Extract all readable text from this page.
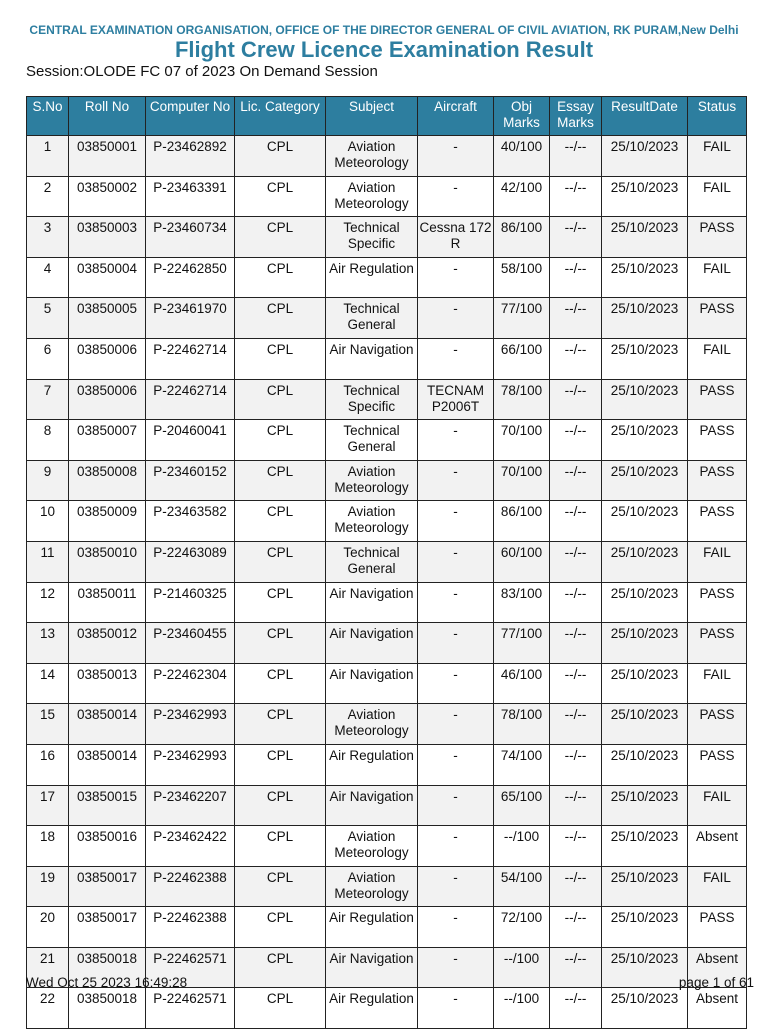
CENTRAL EXAMINATION ORGANISATION, OFFICE OF THE DIRECTOR GENERAL OF CIVIL AVIATION, RK PURAM,New Delhi
Flight Crew Licence Examination Result
Session:OLODE FC 07 of 2023 On Demand Session
S.No	Roll No	Computer No	Lic. Category	Subject	Aircraft	Obj Marks	Essay Marks	ResultDate	Status
1	03850001	P-23462892	CPL	Aviation Meteorology	-	40/100	--/--	25/10/2023	FAIL
2	03850002	P-23463391	CPL	Aviation Meteorology	-	42/100	--/--	25/10/2023	FAIL
3	03850003	P-23460734	CPL	Technical Specific	Cessna 172 R	86/100	--/--	25/10/2023	PASS
4	03850004	P-22462850	CPL	Air Regulation	-	58/100	--/--	25/10/2023	FAIL
5	03850005	P-23461970	CPL	Technical General	-	77/100	--/--	25/10/2023	PASS
6	03850006	P-22462714	CPL	Air Navigation	-	66/100	--/--	25/10/2023	FAIL
7	03850006	P-22462714	CPL	Technical Specific	TECNAM P2006T	78/100	--/--	25/10/2023	PASS
8	03850007	P-20460041	CPL	Technical General	-	70/100	--/--	25/10/2023	PASS
9	03850008	P-23460152	CPL	Aviation Meteorology	-	70/100	--/--	25/10/2023	PASS
10	03850009	P-23463582	CPL	Aviation Meteorology	-	86/100	--/--	25/10/2023	PASS
11	03850010	P-22463089	CPL	Technical General	-	60/100	--/--	25/10/2023	FAIL
12	03850011	P-21460325	CPL	Air Navigation	-	83/100	--/--	25/10/2023	PASS
13	03850012	P-23460455	CPL	Air Navigation	-	77/100	--/--	25/10/2023	PASS
14	03850013	P-22462304	CPL	Air Navigation	-	46/100	--/--	25/10/2023	FAIL
15	03850014	P-23462993	CPL	Aviation Meteorology	-	78/100	--/--	25/10/2023	PASS
16	03850014	P-23462993	CPL	Air Regulation	-	74/100	--/--	25/10/2023	PASS
17	03850015	P-23462207	CPL	Air Navigation	-	65/100	--/--	25/10/2023	FAIL
18	03850016	P-23462422	CPL	Aviation Meteorology	-	--/100	--/--	25/10/2023	Absent
19	03850017	P-22462388	CPL	Aviation Meteorology	-	54/100	--/--	25/10/2023	FAIL
20	03850017	P-22462388	CPL	Air Regulation	-	72/100	--/--	25/10/2023	PASS
21	03850018	P-22462571	CPL	Air Navigation	-	--/100	--/--	25/10/2023	Absent
22	03850018	P-22462571	CPL	Air Regulation	-	--/100	--/--	25/10/2023	Absent
Wed Oct 25 2023 16:49:28	page 1 of 61
